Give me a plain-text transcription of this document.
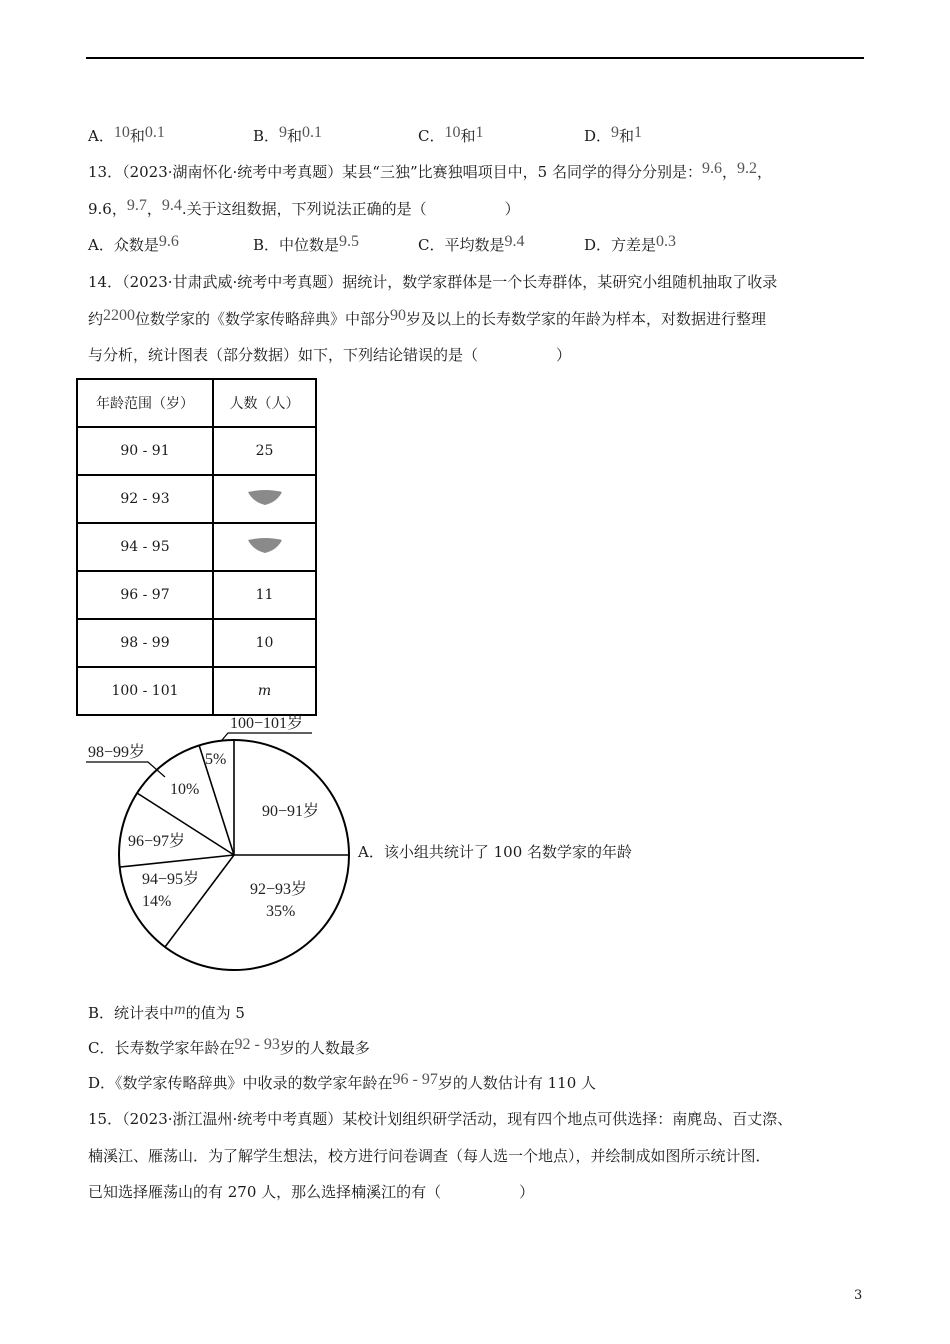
A．10和0.1	B．9和0.1	C．10和1	D．9和1
13．（2023·湖南怀化·统考中考真题）某县“三独”比赛独唱项目中，5 名同学的得分分别是：9.6，9.2，
9.6，9.7，9.4.关于这组数据，下列说法正确的是（	）
A．众数是9.6	B．中位数是9.5	C．平均数是9.4	D．方差是0.3
14．（2023·甘肃武威·统考中考真题）据统计，数学家群体是一个长寿群体，某研究小组随机抽取了收录
约2200位数学家的《数学家传略辞典》中部分90岁及以上的长寿数学家的年龄为样本，对数据进行整理
与分析，统计图表（部分数据）如下，下列结论错误的是（	）
年龄范围（岁）	人数（人）
90 - 91	25
92 - 93	
94 - 95	
96 - 97	11
98 - 99	10
100 - 101	m
100−101岁
98−99岁	5%
10%
90−91岁
96−97岁
94−95岁
14%
92−93岁
35%
A．该小组共统计了 100 名数学家的年龄
B．统计表中m的值为 5
C．长寿数学家年龄在92 - 93岁的人数最多
D．《数学家传略辞典》中收录的数学家年龄在96 - 97岁的人数估计有 110 人
15．（2023·浙江温州·统考中考真题）某校计划组织研学活动，现有四个地点可供选择：南麂岛、百丈漈、
楠溪江、雁荡山．为了解学生想法，校方进行问卷调查（每人选一个地点），并绘制成如图所示统计图．
已知选择雁荡山的有 270 人，那么选择楠溪江的有（	）
3
